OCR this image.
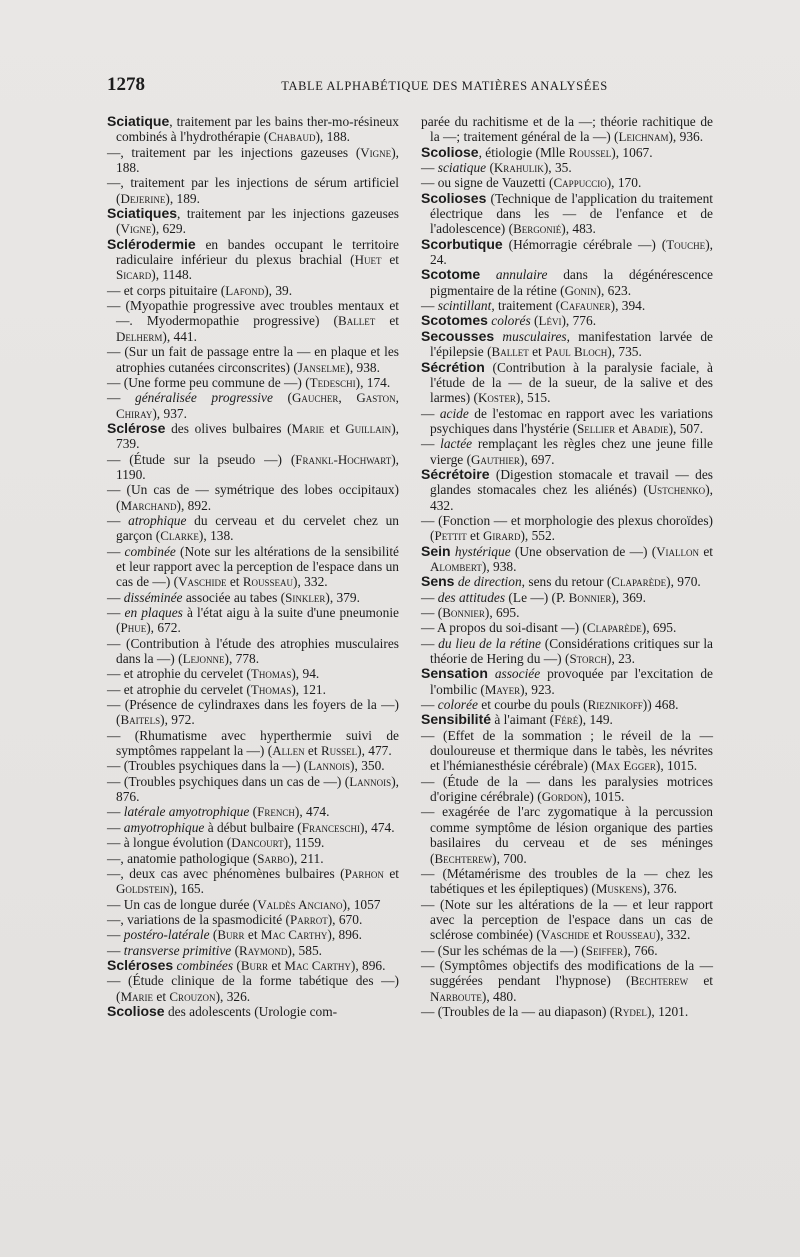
1278	TABLE ALPHABÉTIQUE DES MATIÈRES ANALYSÉES

Sciatique, traitement par les bains ther-mo-résineux combinés à l'hydrothérapie (Chabaud), 188.

—, traitement par les injections gazeuses (Vigne), 188.

—, traitement par les injections de sérum artificiel (Dejerine), 189.

Sciatiques, traitement par les injections gazeuses (Vigne), 629.

Sclérodermie en bandes occupant le territoire radiculaire inférieur du plexus brachial (Huet et Sicard), 1148.

— et corps pituitaire (Lafond), 39.

— (Myopathie progressive avec troubles mentaux et —. Myodermopathie progressive) (Ballet et Delherm), 441.

— (Sur un fait de passage entre la — en plaque et les atrophies cutanées circonscrites) (Janselme), 938.

— (Une forme peu commune de —) (Tedeschi), 174.

— généralisée progressive (Gaucher, Gaston, Chiray), 937.

Sclérose des olives bulbaires (Marie et Guillain), 739.

— (Étude sur la pseudo —) (Frankl-Hochwart), 1190.

— (Un cas de — symétrique des lobes occipitaux) (Marchand), 892.

— atrophique du cerveau et du cervelet chez un garçon (Clarke), 138.

— combinée (Note sur les altérations de la sensibilité et leur rapport avec la perception de l'espace dans un cas de —) (Vaschide et Rousseau), 332.

— disséminée associée au tabes (Sinkler), 379.

— en plaques à l'état aigu à la suite d'une pneumonie (Phue), 672.

— (Contribution à l'étude des atrophies musculaires dans la —) (Lejonne), 778.

— et atrophie du cervelet (Thomas), 94.

— et atrophie du cervelet (Thomas), 121.

— (Présence de cylindraxes dans les foyers de la —) (Baitels), 972.

— (Rhumatisme avec hyperthermie suivi de symptômes rappelant la —) (Allen et Russel), 477.

— (Troubles psychiques dans la —) (Lannois), 350.

— (Troubles psychiques dans un cas de —) (Lannois), 876.

— latérale amyotrophique (French), 474.

— amyotrophique à début bulbaire (Franceschi), 474.

— à longue évolution (Dancourt), 1159.

—, anatomie pathologique (Sarbo), 211.

—, deux cas avec phénomènes bulbaires (Parhon et Goldstein), 165.

— Un cas de longue durée (Valdès Anciano), 1057

—, variations de la spasmodicité (Parrot), 670.

— postéro-latérale (Burr et Mac Carthy), 896.

— transverse primitive (Raymond), 585.

Scléroses combinées (Burr et Mac Carthy), 896.

— (Étude clinique de la forme tabétique des —) (Marie et Crouzon), 326.

Scoliose des adolescents (Urologie com-

parée du rachitisme et de la —; théorie rachitique de la —; traitement général de la —) (Leichnam), 936.

Scoliose, étiologie (Mlle Roussel), 1067.

— sciatique (Krahulik), 35.

— ou signe de Vauzetti (Cappuccio), 170.

Scolioses (Technique de l'application du traitement électrique dans les — de l'enfance et de l'adolescence) (Bergonié), 483.

Scorbutique (Hémorragie cérébrale —) (Touche), 24.

Scotome annulaire dans la dégénérescence pigmentaire de la rétine (Gonin), 623.

— scintillant, traitement (Cafauner), 394.

Scotomes colorés (Lévi), 776.

Secousses musculaires, manifestation larvée de l'épilepsie (Ballet et Paul Bloch), 735.

Sécrétion (Contribution à la paralysie faciale, à l'étude de la — de la sueur, de la salive et des larmes) (Koster), 515.

— acide de l'estomac en rapport avec les variations psychiques dans l'hystérie (Sellier et Abadie), 507.

— lactée remplaçant les règles chez une jeune fille vierge (Gauthier), 697.

Sécrétoire (Digestion stomacale et travail — des glandes stomacales chez les aliénés) (Ustchenko), 432.

— (Fonction — et morphologie des plexus choroïdes) (Pettit et Girard), 552.

Sein hystérique (Une observation de —) (Viallon et Alombert), 938.

Sens de direction, sens du retour (Claparède), 970.

— des attitudes (Le —) (P. Bonnier), 369.

— (Bonnier), 695.

— A propos du soi-disant —) (Claparède), 695.

— du lieu de la rétine (Considérations critiques sur la théorie de Hering du —) (Storch), 23.

Sensation associée provoquée par l'excitation de l'ombilic (Mayer), 923.

— colorée et courbe du pouls (Rieznikoff)) 468.

Sensibilité à l'aimant (Féré), 149.

— (Effet de la sommation ; le réveil de la — douloureuse et thermique dans le tabès, les névrites et l'hémianesthésie cérébrale) (Max Egger), 1015.

— (Étude de la — dans les paralysies motrices d'origine cérébrale) (Gordon), 1015.

— exagérée de l'arc zygomatique à la percussion comme symptôme de lésion organique des parties basilaires du cerveau et de ses méninges (Bechterew), 700.

— (Métamérisme des troubles de la — chez les tabétiques et les épileptiques) (Muskens), 376.

— (Note sur les altérations de la — et leur rapport avec la perception de l'espace dans un cas de sclérose combinée) (Vaschide et Rousseau), 332.

— (Sur les schémas de la —) (Seiffer), 766.

— (Symptômes objectifs des modifications de la — suggérées pendant l'hypnose) (Bechterew et Narboute), 480.

— (Troubles de la — au diapason) (Rydel), 1201.
